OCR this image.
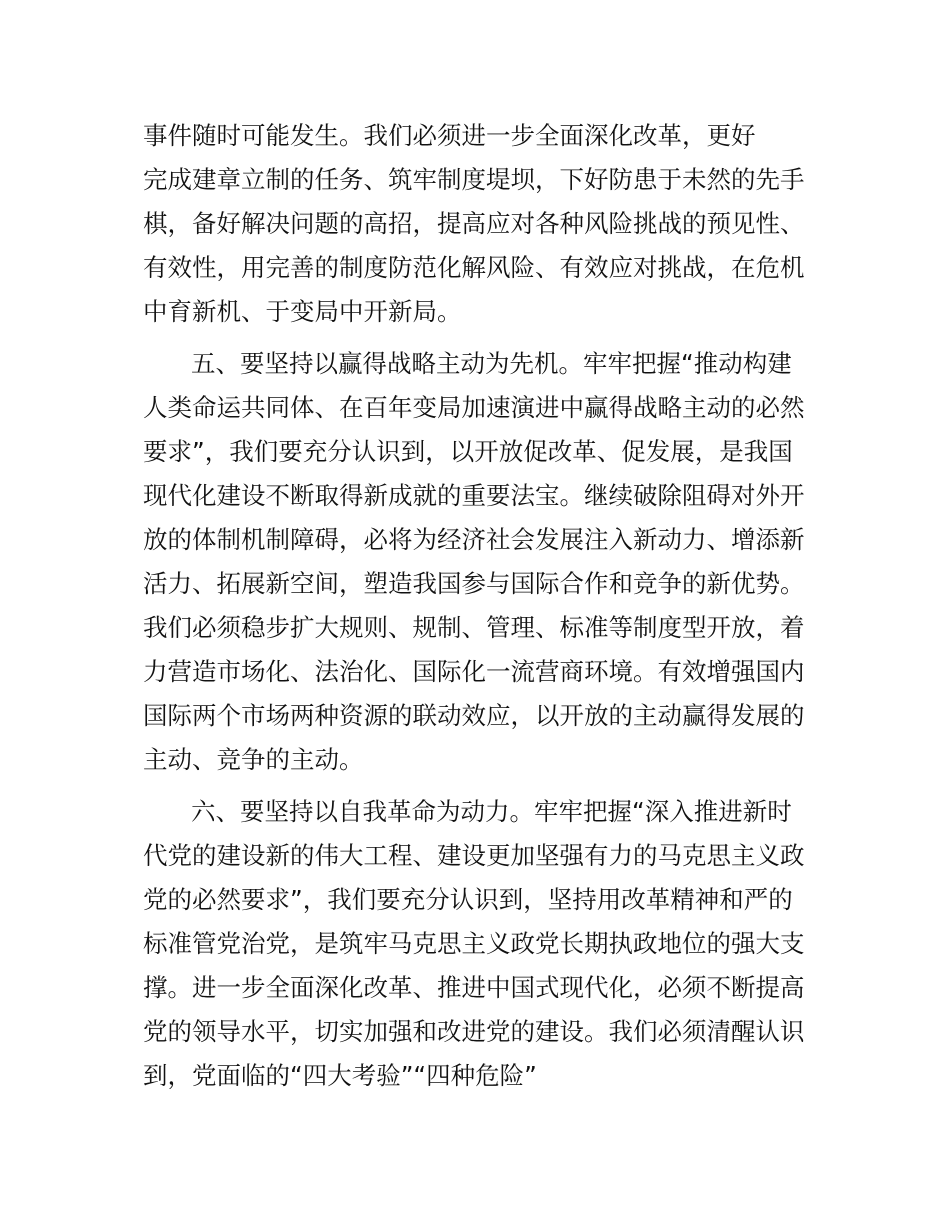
事件随时可能发生。我们必须进一步全面深化改革，更好
完成建章立制的任务、筑牢制度堤坝，下好防患于未然的先手
棋，备好解决问题的高招，提高应对各种风险挑战的预见性、
有效性，用完善的制度防范化解风险、有效应对挑战，在危机
中育新机、于变局中开新局。
五、要坚持以赢得战略主动为先机。牢牢把握“推动构建
人类命运共同体、在百年变局加速演进中赢得战略主动的必然
要求”，我们要充分认识到，以开放促改革、促发展，是我国
现代化建设不断取得新成就的重要法宝。继续破除阻碍对外开
放的体制机制障碍，必将为经济社会发展注入新动力、增添新
活力、拓展新空间，塑造我国参与国际合作和竞争的新优势。
我们必须稳步扩大规则、规制、管理、标准等制度型开放，着
力营造市场化、法治化、国际化一流营商环境。有效增强国内
国际两个市场两种资源的联动效应，以开放的主动赢得发展的
主动、竞争的主动。
六、要坚持以自我革命为动力。牢牢把握“深入推进新时
代党的建设新的伟大工程、建设更加坚强有力的马克思主义政
党的必然要求”，我们要充分认识到，坚持用改革精神和严的
标准管党治党，是筑牢马克思主义政党长期执政地位的强大支
撑。进一步全面深化改革、推进中国式现代化，必须不断提高
党的领导水平，切实加强和改进党的建设。我们必须清醒认识
到，党面临的“四大考验”“四种危险”
